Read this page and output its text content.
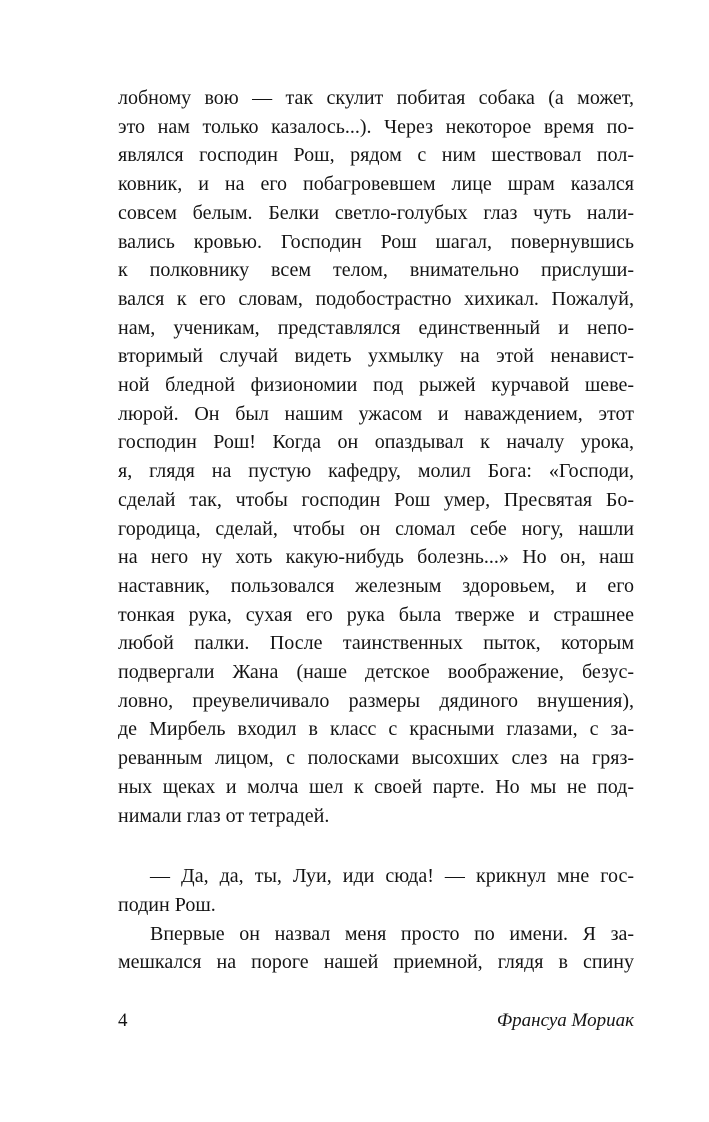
лобному вою — так скулит побитая собака (а может,
это нам только казалось...). Через некоторое время по-
являлся господин Рош, рядом с ним шествовал пол-
ковник, и на его побагровевшем лице шрам казался
совсем белым. Белки светло-голубых глаз чуть нали-
вались кровью. Господин Рош шагал, повернувшись
к полковнику всем телом, внимательно прислуши-
вался к его словам, подобострастно хихикал. Пожалуй,
нам, ученикам, представлялся единственный и непо-
вторимый случай видеть ухмылку на этой ненавист-
ной бледной физиономии под рыжей курчавой шеве-
люрой. Он был нашим ужасом и наваждением, этот
господин Рош! Когда он опаздывал к началу урока,
я, глядя на пустую кафедру, молил Бога: «Господи,
сделай так, чтобы господин Рош умер, Пресвятая Бо-
городица, сделай, чтобы он сломал себе ногу, нашли
на него ну хоть какую-нибудь болезнь...» Но он, наш
наставник, пользовался железным здоровьем, и его
тонкая рука, сухая его рука была тверже и страшнее
любой палки. После таинственных пыток, которым
подвергали Жана (наше детское воображение, безус-
ловно, преувеличивало размеры дядиного внушения),
де Мирбель входил в класс с красными глазами, с за-
реванным лицом, с полосками высохших слез на гряз-
ных щеках и молча шел к своей парте. Но мы не под-
нимали глаз от тетрадей.
— Да, да, ты, Луи, иди сюда! — крикнул мне гос-
подин Рош.
Впервые он назвал меня просто по имени. Я за-
мешкался на пороге нашей приемной, глядя в спину
4	Франсуа Мориак
